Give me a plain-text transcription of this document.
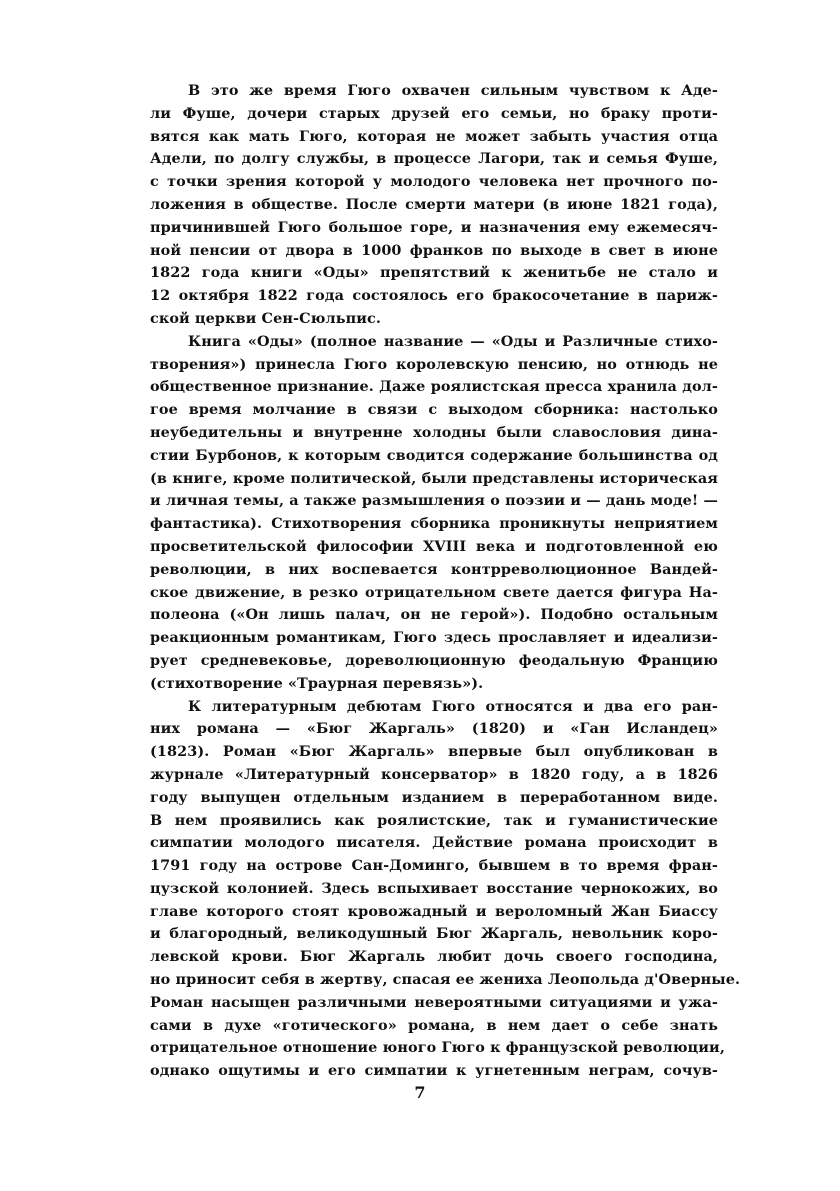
В это же время Гюго охвачен сильным чувством к Аде-
ли Фуше, дочери старых друзей его семьи, но браку проти-
вятся как мать Гюго, которая не может забыть участия отца
Адели, по долгу службы, в процессе Лагори, так и семья Фуше,
с точки зрения которой у молодого человека нет прочного по-
ложения в обществе. После смерти матери (в июне 1821 года),
причинившей Гюго большое горе, и назначения ему ежемесяч-
ной пенсии от двора в 1000 франков по выходе в свет в июне
1822 года книги «Оды» препятствий к женитьбе не стало и
12 октября 1822 года состоялось его бракосочетание в париж-
ской церкви Сен-Сюльпис.
Книга «Оды» (полное название — «Оды и Различные стихо-
творения») принесла Гюго королевскую пенсию, но отнюдь не
общественное признание. Даже роялистская пресса хранила дол-
гое время молчание в связи с выходом сборника: настолько
неубедительны и внутренне холодны были славословия дина-
стии Бурбонов, к которым сводится содержание большинства од
(в книге, кроме политической, были представлены историческая
и личная темы, а также размышления о поэзии и — дань моде! —
фантастика). Стихотворения сборника проникнуты неприятием
просветительской философии XVIII века и подготовленной ею
революции, в них воспевается контрреволюционное Вандей-
ское движение, в резко отрицательном свете дается фигура На-
полеона («Он лишь палач, он не герой»). Подобно остальным
реакционным романтикам, Гюго здесь прославляет и идеализи-
рует средневековье, дореволюционную феодальную Францию
(стихотворение «Траурная перевязь»).
К литературным дебютам Гюго относятся и два его ран-
них романа — «Бюг Жаргаль» (1820) и «Ган Исландец»
(1823). Роман «Бюг Жаргаль» впервые был опубликован в
журнале «Литературный консерватор» в 1820 году, а в 1826
году выпущен отдельным изданием в переработанном виде.
В нем проявились как роялистские, так и гуманистические
симпатии молодого писателя. Действие романа происходит в
1791 году на острове Сан-Доминго, бывшем в то время фран-
цузской колонией. Здесь вспыхивает восстание чернокожих, во
главе которого стоят кровожадный и вероломный Жан Биассу
и благородный, великодушный Бюг Жаргаль, невольник коро-
левской крови. Бюг Жаргаль любит дочь своего господина,
но приносит себя в жертву, спасая ее жениха Леопольда д'Оверные.
Роман насыщен различными невероятными ситуациями и ужа-
сами в духе «готического» романа, в нем дает о себе знать
отрицательное отношение юного Гюго к французской революции,
однако ощутимы и его симпатии к угнетенным неграм, сочув-
7
